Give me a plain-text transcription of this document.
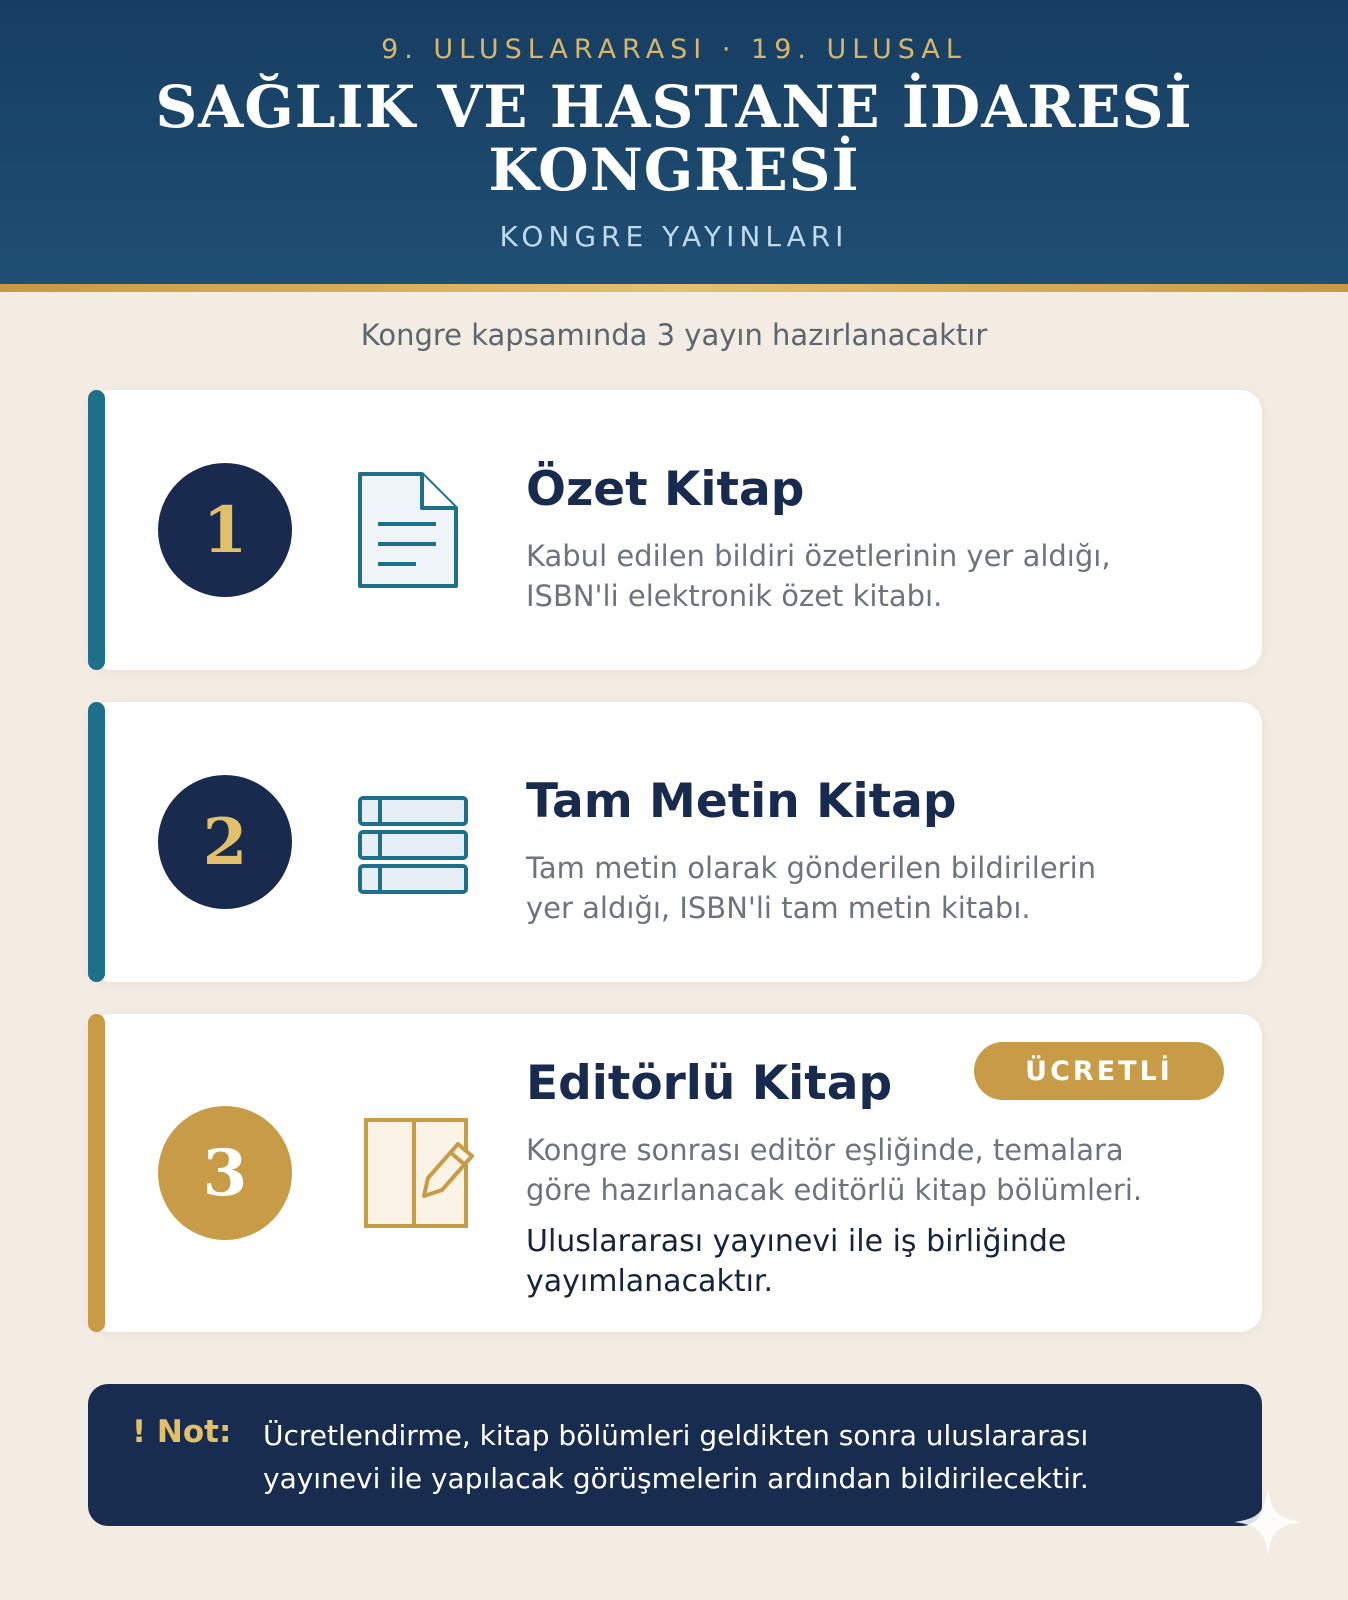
9. ULUSLARARASI · 19. ULUSAL
SAĞLIK VE HASTANE İDARESİ
KONGRESİ
KONGRE YAYINLARI
Kongre kapsamında 3 yayın hazırlanacaktır
1
Özet Kitap
Kabul edilen bildiri özetlerinin yer aldığı,
ISBN'li elektronik özet kitabı.
2
Tam Metin Kitap
Tam metin olarak gönderilen bildirilerin
yer aldığı, ISBN'li tam metin kitabı.
3
ÜCRETLİ
Editörlü Kitap
Kongre sonrası editör eşliğinde, temalara
göre hazırlanacak editörlü kitap bölümleri.
Uluslararası yayınevi ile iş birliğinde
yayımlanacaktır.
! Not: Ücretlendirme, kitap bölümleri geldikten sonra uluslararası
yayınevi ile yapılacak görüşmelerin ardından bildirilecektir.
